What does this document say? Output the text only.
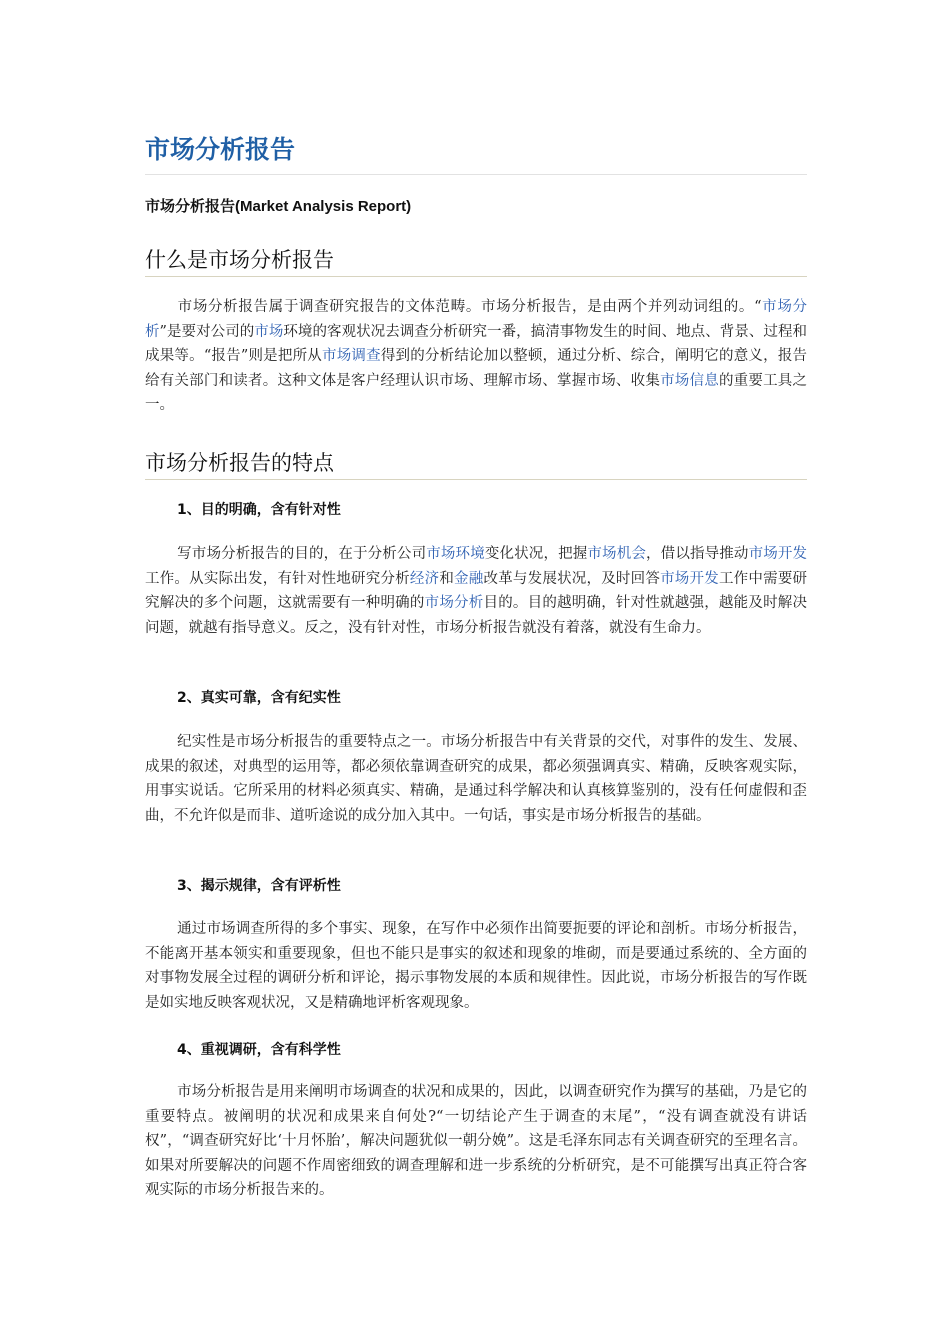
市场分析报告

市场分析报告(Market Analysis Report)

什么是市场分析报告

市场分析报告属于调查研究报告的文体范畴。市场分析报告，是由两个并列动词组的。“市场分析”是要对公司的市场环境的客观状况去调查分析研究一番，搞清事物发生的时间、地点、背景、过程和成果等。“报告”则是把所从市场调查得到的分析结论加以整顿，通过分析、综合，阐明它的意义，报告给有关部门和读者。这种文体是客户经理认识市场、理解市场、掌握市场、收集市场信息的重要工具之一。

市场分析报告的特点
1、目的明确，含有针对性

写市场分析报告的目的，在于分析公司市场环境变化状况，把握市场机会，借以指导推动市场开发工作。从实际出发，有针对性地研究分析经济和金融改革与发展状况，及时回答市场开发工作中需要研究解决的多个问题，这就需要有一种明确的市场分析目的。目的越明确，针对性就越强，越能及时解决问题，就越有指导意义。反之，没有针对性，市场分析报告就没有着落，就没有生命力。

2、真实可靠，含有纪实性

纪实性是市场分析报告的重要特点之一。市场分析报告中有关背景的交代，对事件的发生、发展、成果的叙述，对典型的运用等，都必须依靠调查研究的成果，都必须强调真实、精确，反映客观实际，用事实说话。它所采用的材料必须真实、精确，是通过科学解决和认真核算鉴别的，没有任何虚假和歪曲，不允许似是而非、道听途说的成分加入其中。一句话，事实是市场分析报告的基础。

3、揭示规律，含有评析性

通过市场调查所得的多个事实、现象，在写作中必须作出简要扼要的评论和剖析。市场分析报告，不能离开基本领实和重要现象，但也不能只是事实的叙述和现象的堆砌，而是要通过系统的、全方面的对事物发展全过程的调研分析和评论，揭示事物发展的本质和规律性。因此说，市场分析报告的写作既是如实地反映客观状况，又是精确地评析客观现象。

4、重视调研，含有科学性

市场分析报告是用来阐明市场调查的状况和成果的，因此，以调查研究作为撰写的基础，乃是它的重要特点。被阐明的状况和成果来自何处?“一切结论产生于调查的末尾”，“没有调查就没有讲话权”，“调查研究好比‘十月怀胎’，解决问题犹似一朝分娩”。这是毛泽东同志有关调查研究的至理名言。如果对所要解决的问题不作周密细致的调查理解和进一步系统的分析研究，是不可能撰写出真正符合客观实际的市场分析报告来的。
